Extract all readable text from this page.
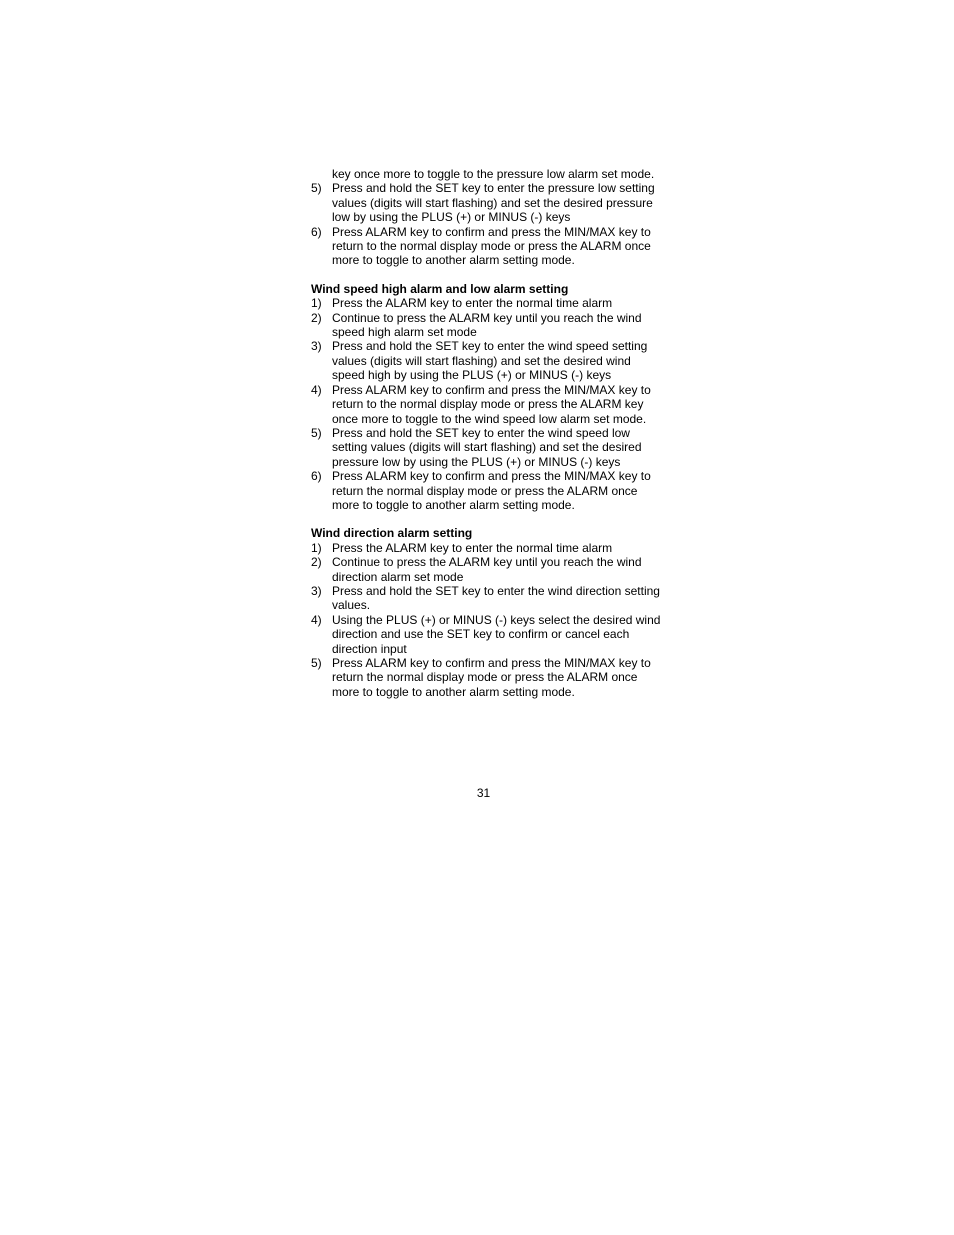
key once more to toggle to the pressure low alarm set mode.
5) Press and hold the SET key to enter the pressure low setting values (digits will start flashing) and set the desired pressure low by using the PLUS (+) or MINUS (-) keys
6) Press ALARM key to confirm and press the MIN/MAX key to return to the normal display mode or press the ALARM once more to toggle to another alarm setting mode.
Wind speed high alarm and low alarm setting
1) Press the ALARM key to enter the normal time alarm
2) Continue to press the ALARM key until you reach the wind speed high alarm set mode
3) Press and hold the SET key to enter the wind speed setting values (digits will start flashing) and set the desired wind speed high by using the PLUS (+) or MINUS (-) keys
4) Press ALARM key to confirm and press the MIN/MAX key to return to the normal display mode or press the ALARM key once more to toggle to the wind speed low alarm set mode.
5) Press and hold the SET key to enter the wind speed low setting values (digits will start flashing) and set the desired pressure low by using the PLUS (+) or MINUS (-) keys
6) Press ALARM key to confirm and press the MIN/MAX key to return the normal display mode or press the ALARM once more to toggle to another alarm setting mode.
Wind direction alarm setting
1) Press the ALARM key to enter the normal time alarm
2) Continue to press the ALARM key until you reach the wind direction alarm set mode
3) Press and hold the SET key to enter the wind direction setting values.
4) Using the PLUS (+) or MINUS (-) keys select the desired wind direction and use the SET key to confirm or cancel each direction input
5) Press ALARM key to confirm and press the MIN/MAX key to return the normal display mode or press the ALARM once more to toggle to another alarm setting mode.
31
